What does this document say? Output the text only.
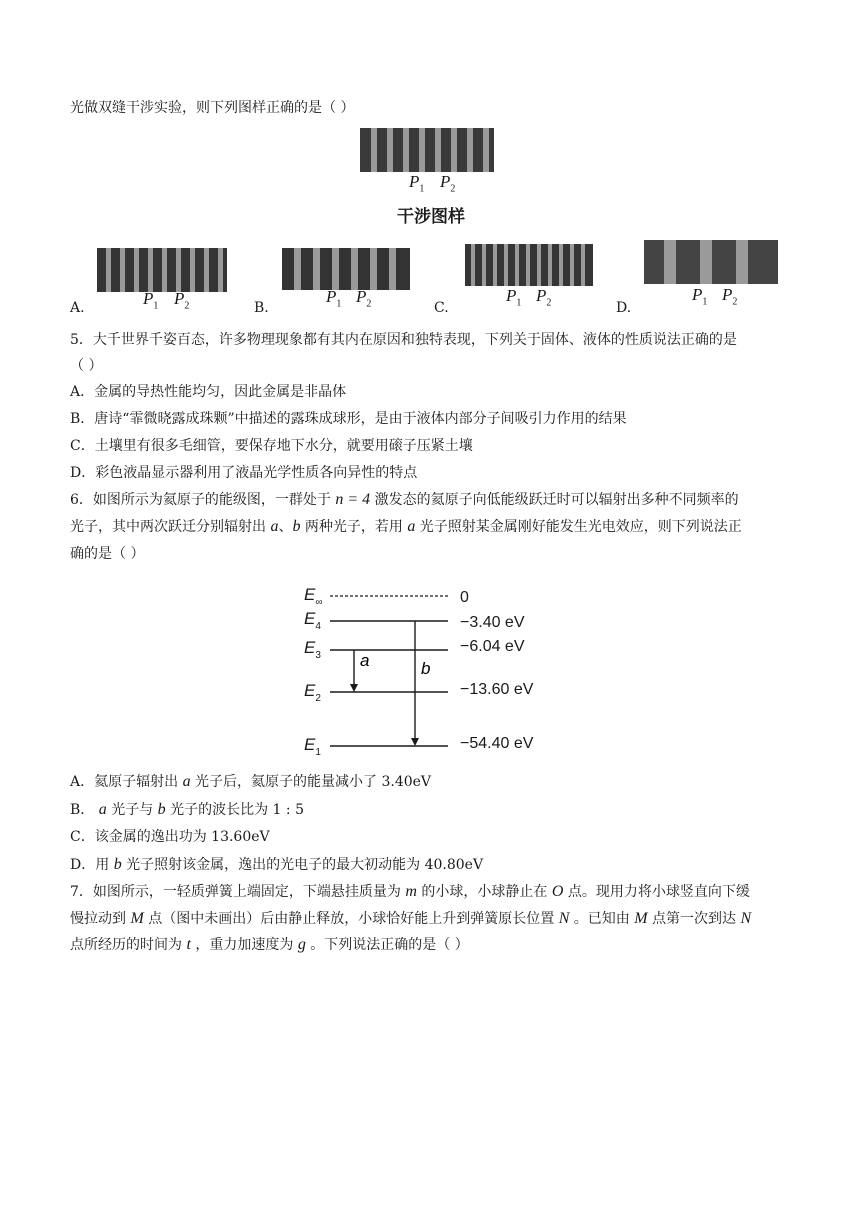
光做双缝干涉实验，则下列图样正确的是（ ）
$P_1$ $P_2$
干涉图样
A.	$P_1$ $P_2$	B.
$P_1$ $P_2$	C.
$P_1$ $P_2$	D.
$P_1$ $P_2$
5．大千世界千姿百态，许多物理现象都有其内在原因和独特表现，下列关于固体、液体的性质说法正确的是
（ ）
A．金属的导热性能均匀，因此金属是非晶体
B．唐诗“霏微晓露成珠颗”中描述的露珠成球形，是由于液体内部分子间吸引力作用的结果
C．土壤里有很多毛细管，要保存地下水分，就要用磙子压紧土壤
D．彩色液晶显示器利用了液晶光学性质各向异性的特点
6．如图所示为氦原子的能级图，一群处于 n = 4 激发态的氦原子向低能级跃迁时可以辐射出多种不同频率的
光子，其中两次跃迁分别辐射出 a、b 两种光子，若用 a 光子照射某金属刚好能发生光电效应，则下列说法正
确的是（ ）
$E_\infty$
$E_4$
$E_3$
$E_2$
$E_1$
a	b
0
−3.40 eV
−6.04 eV
−13.60 eV
−54.40 eV
A．氦原子辐射出 a 光子后，氦原子的能量减小了 3.40eV
B． a 光子与 b 光子的波长比为 1 : 5
C．该金属的逸出功为 13.60eV
D．用 b 光子照射该金属，逸出的光电子的最大初动能为 40.80eV
7．如图所示，一轻质弹簧上端固定，下端悬挂质量为 m 的小球，小球静止在 O 点。现用力将小球竖直向下缓
慢拉动到 M 点（图中未画出）后由静止释放，小球恰好能上升到弹簧原长位置 N 。已知由 M 点第一次到达 N
点所经历的时间为 t ，重力加速度为 g 。下列说法正确的是（ ）
